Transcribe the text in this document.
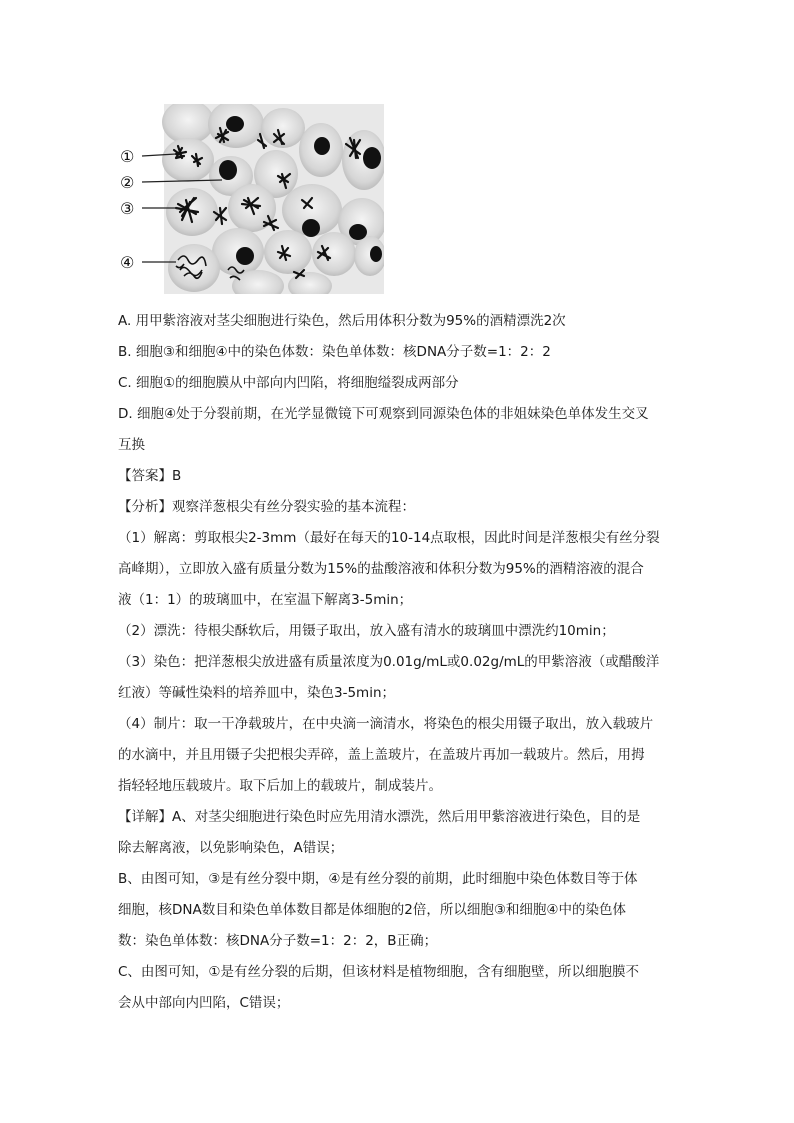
①
②
③
④
A. 用甲紫溶液对茎尖细胞进行染色，然后用体积分数为95%的酒精漂洗2次
B. 细胞③和细胞④中的染色体数：染色单体数：核DNA分子数=1：2：2
C. 细胞①的细胞膜从中部向内凹陷，将细胞缢裂成两部分
D. 细胞④处于分裂前期，在光学显微镜下可观察到同源染色体的非姐妹染色单体发生交叉
互换
【答案】B
【分析】观察洋葱根尖有丝分裂实验的基本流程：
（1）解离：剪取根尖2-3mm（最好在每天的10-14点取根，因此时间是洋葱根尖有丝分裂
高峰期），立即放入盛有质量分数为15%的盐酸溶液和体积分数为95%的酒精溶液的混合
液（1：1）的玻璃皿中，在室温下解离3-5min；
（2）漂洗：待根尖酥软后，用镊子取出，放入盛有清水的玻璃皿中漂洗约10min；
（3）染色：把洋葱根尖放进盛有质量浓度为0.01g/mL或0.02g/mL的甲紫溶液（或醋酸洋
红液）等碱性染料的培养皿中，染色3-5min；
（4）制片：取一干净载玻片，在中央滴一滴清水，将染色的根尖用镊子取出，放入载玻片
的水滴中，并且用镊子尖把根尖弄碎，盖上盖玻片，在盖玻片再加一载玻片。然后，用拇
指轻轻地压载玻片。取下后加上的载玻片，制成装片。
【详解】A、对茎尖细胞进行染色时应先用清水漂洗，然后用甲紫溶液进行染色，目的是
除去解离液，以免影响染色，A错误；
B、由图可知，③是有丝分裂中期，④是有丝分裂的前期，此时细胞中染色体数目等于体
细胞，核DNA数目和染色单体数目都是体细胞的2倍，所以细胞③和细胞④中的染色体
数：染色单体数：核DNA分子数=1：2：2，B正确；
C、由图可知，①是有丝分裂的后期，但该材料是植物细胞，含有细胞壁，所以细胞膜不
会从中部向内凹陷，C错误；
